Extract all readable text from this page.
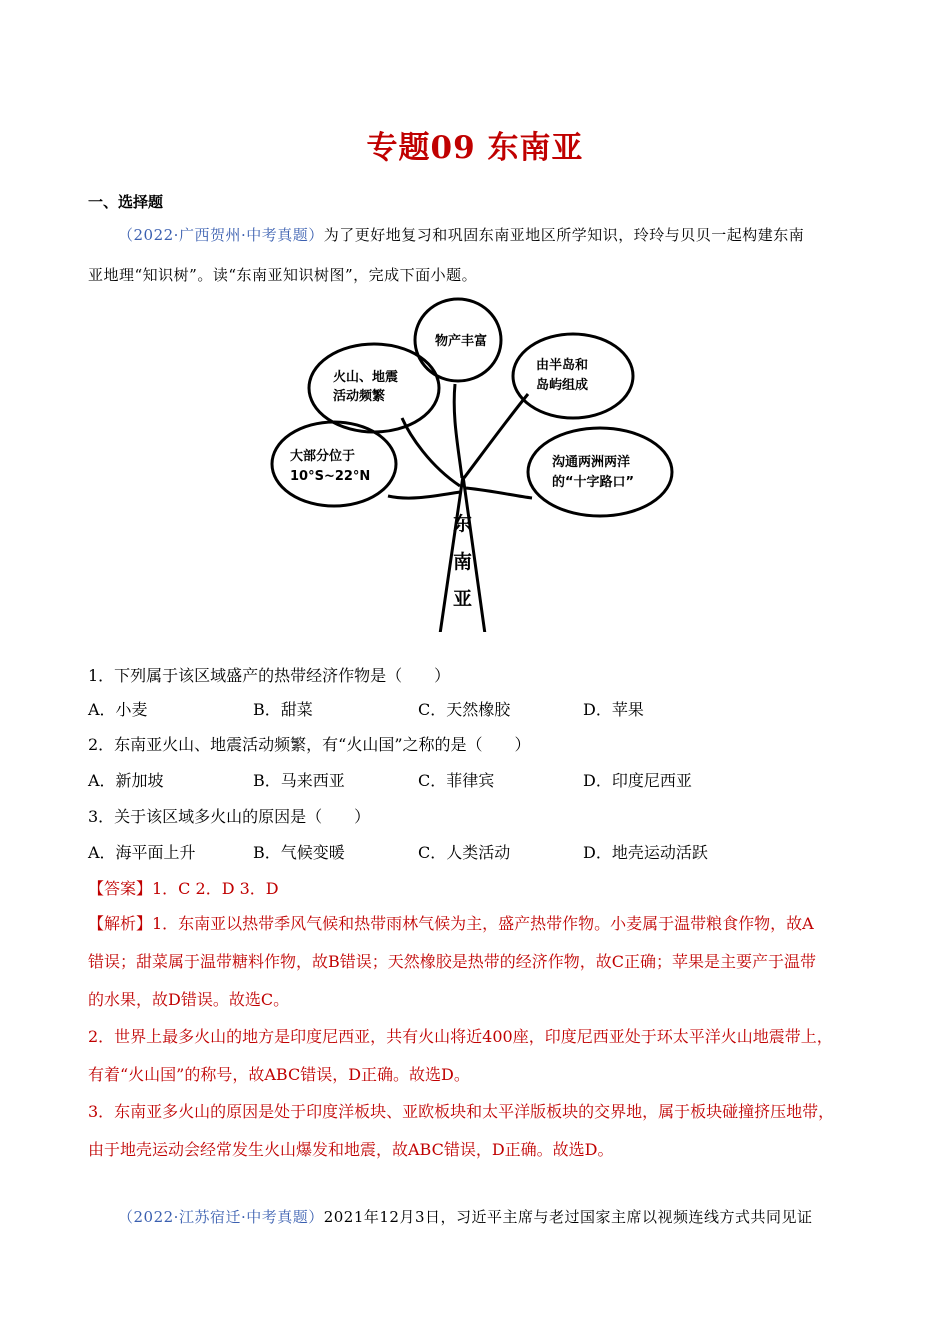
专题09 东南亚
一、选择题
（2022·广西贺州·中考真题）为了更好地复习和巩固东南亚地区所学知识，玲玲与贝贝一起构建东南
亚地理“知识树”。读“东南亚知识树图”，完成下面小题。
物产丰富
火山、地震
活动频繁
由半岛和
岛屿组成
大部分位于
10°S~22°N
沟通两洲两洋
的“十字路口”
东
南
亚
1．下列属于该区域盛产的热带经济作物是（　　）
A．小麦	B．甜菜	C．天然橡胶	D．苹果
2．东南亚火山、地震活动频繁，有“火山国”之称的是（　　）
A．新加坡	B．马来西亚	C．菲律宾	D．印度尼西亚
3．关于该区域多火山的原因是（　　）
A．海平面上升	B．气候变暖	C．人类活动	D．地壳运动活跃
【答案】1．C 2．D 3．D
【解析】1．东南亚以热带季风气候和热带雨林气候为主，盛产热带作物。小麦属于温带粮食作物，故A
错误；甜菜属于温带糖料作物，故B错误；天然橡胶是热带的经济作物，故C正确；苹果是主要产于温带
的水果，故D错误。故选C。
2．世界上最多火山的地方是印度尼西亚，共有火山将近400座，印度尼西亚处于环太平洋火山地震带上，
有着“火山国”的称号，故ABC错误，D正确。故选D。
3．东南亚多火山的原因是处于印度洋板块、亚欧板块和太平洋版板块的交界地，属于板块碰撞挤压地带，
由于地壳运动会经常发生火山爆发和地震，故ABC错误，D正确。故选D。
（2022·江苏宿迁·中考真题）2021年12月3日，习近平主席与老过国家主席以视频连线方式共同见证
